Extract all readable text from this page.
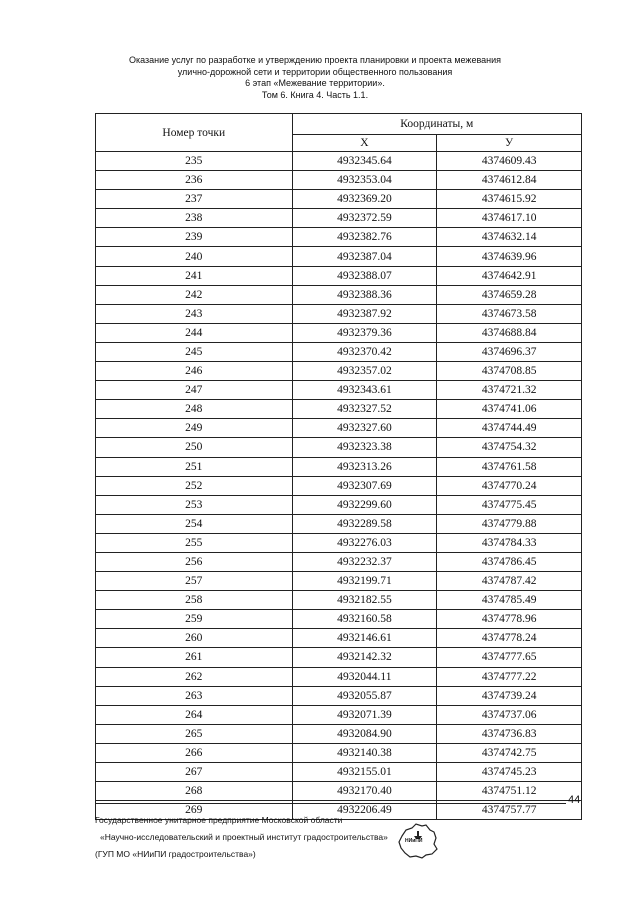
Оказание услуг по разработке и утверждению проекта планировки и проекта межевания
улично-дорожной сети и территории общественного пользования
6 этап «Межевание территории».
Том 6. Книга 4. Часть 1.1.
Номер точки	Координаты, м	
	X	У
235	4932345.64	4374609.43
236	4932353.04	4374612.84
237	4932369.20	4374615.92
238	4932372.59	4374617.10
239	4932382.76	4374632.14
240	4932387.04	4374639.96
241	4932388.07	4374642.91
242	4932388.36	4374659.28
243	4932387.92	4374673.58
244	4932379.36	4374688.84
245	4932370.42	4374696.37
246	4932357.02	4374708.85
247	4932343.61	4374721.32
248	4932327.52	4374741.06
249	4932327.60	4374744.49
250	4932323.38	4374754.32
251	4932313.26	4374761.58
252	4932307.69	4374770.24
253	4932299.60	4374775.45
254	4932289.58	4374779.88
255	4932276.03	4374784.33
256	4932232.37	4374786.45
257	4932199.71	4374787.42
258	4932182.55	4374785.49
259	4932160.58	4374778.96
260	4932146.61	4374778.24
261	4932142.32	4374777.65
262	4932044.11	4374777.22
263	4932055.87	4374739.24
264	4932071.39	4374737.06
265	4932084.90	4374736.83
266	4932140.38	4374742.75
267	4932155.01	4374745.23
268	4932170.40	4374751.12
269	4932206.49	4374757.77
44
Государственное унитарное предприятие Московской области
«Научно-исследовательский и проектный институт градостроительства»
(ГУП МО «НИиПИ градостроительства»)
НИиПИ
